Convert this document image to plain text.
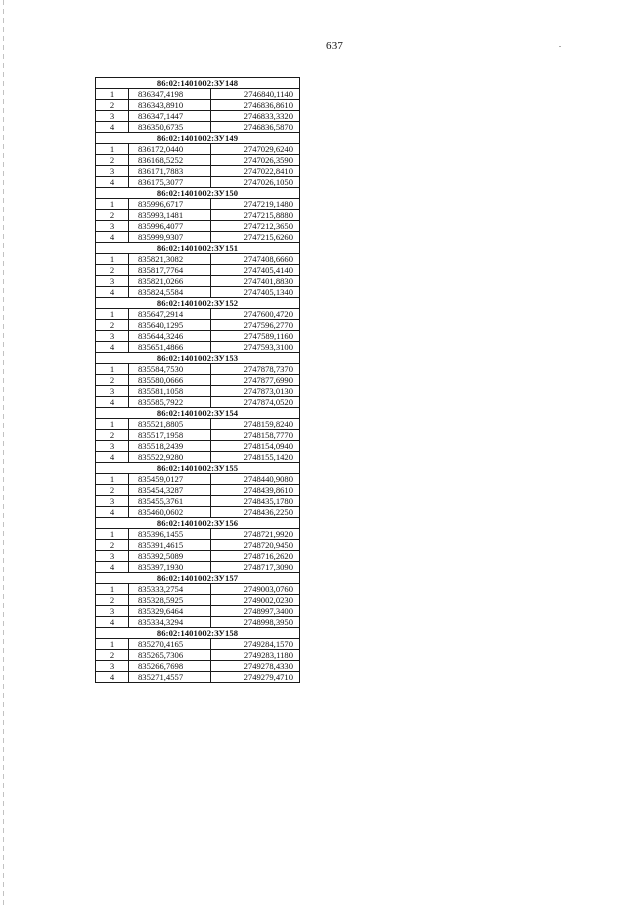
637
86:02:1401002:ЗУ148		
1	836347,4198	2746840,1140
2	836343,8910	2746836,8610
3	836347,1447	2746833,3320
4	836350,6735	2746836,5870
86:02:1401002:ЗУ149		
1	836172,0440	2747029,6240
2	836168,5252	2747026,3590
3	836171,7883	2747022,8410
4	836175,3077	2747026,1050
86:02:1401002:ЗУ150		
1	835996,6717	2747219,1480
2	835993,1481	2747215,8880
3	835996,4077	2747212,3650
4	835999,9307	2747215,6260
86:02:1401002:ЗУ151		
1	835821,3082	2747408,6660
2	835817,7764	2747405,4140
3	835821,0266	2747401,8830
4	835824,5584	2747405,1340
86:02:1401002:ЗУ152		
1	835647,2914	2747600,4720
2	835640,1295	2747596,2770
3	835644,3246	2747589,1160
4	835651,4866	2747593,3100
86:02:1401002:ЗУ153		
1	835584,7530	2747878,7370
2	835580,0666	2747877,6990
3	835581,1058	2747873,0130
4	835585,7922	2747874,0520
86:02:1401002:ЗУ154		
1	835521,8805	2748159,8240
2	835517,1958	2748158,7770
3	835518,2439	2748154,0940
4	835522,9280	2748155,1420
86:02:1401002:ЗУ155		
1	835459,0127	2748440,9080
2	835454,3287	2748439,8610
3	835455,3761	2748435,1780
4	835460,0602	2748436,2250
86:02:1401002:ЗУ156		
1	835396,1455	2748721,9920
2	835391,4615	2748720,9450
3	835392,5089	2748716,2620
4	835397,1930	2748717,3090
86:02:1401002:ЗУ157		
1	835333,2754	2749003,0760
2	835328,5925	2749002,0230
3	835329,6464	2748997,3400
4	835334,3294	2748998,3950
86:02:1401002:ЗУ158		
1	835270,4165	2749284,1570
2	835265,7306	2749283,1180
3	835266,7698	2749278,4330
4	835271,4557	2749279,4710
